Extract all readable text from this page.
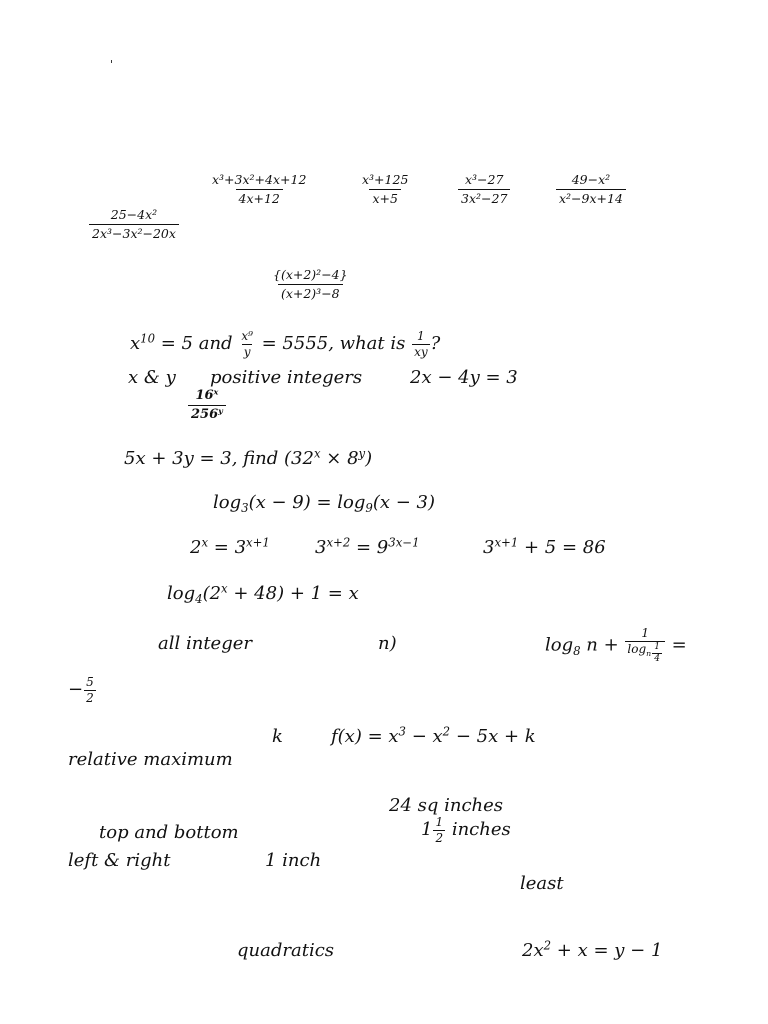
'
$\frac{\text{x³+3x²+4x+12}}{4x+12}$	$\frac{\text{x³+125}}{x+5}$	$\frac{\text{x³−27}}{\text{3x²−27}}$	$\frac{\text{49−x²}}{\text{x²−9x+14}}$
$\frac{\text{25−4x²}}{\text{2x³−3x²−20x}}$
$\frac{\text{\{(x+2)²−4\}}}{\text{(x+2)³−8}}$
$x^{10} = 5$ and $\frac{\text{x⁹}}{y} = 5555$, what is $\frac{1}{xy}$ ?
x & y positive integers	2x − 4y = 3
$\frac{\text{16ˣ}}{\text{256ʸ}}$
5x + 3y = 3, find $(32^x \times 8^y)$
$\log_3(x - 9) = \log_9(x - 3)$
$2^x = 3^{x+1}$	$3^{x+2} = 9^{3x-1}$	$3^{x+1} + 5 = 86$
$\log_4(2^x + 48) + 1 = x$
all integer	n)	$\log_8 n + 1$
$\log_{n \frac{1}{4}}$ =
− $\frac{5}{2}$
k	$f(x) = x^3 - x^2 - 5x + k$
relative maximum
24 sq inches
top and bottom	$1 \frac{1}{2}$ inches
left & right	1 inch
least
quadratics	$2x^2 + x = y - 1$
